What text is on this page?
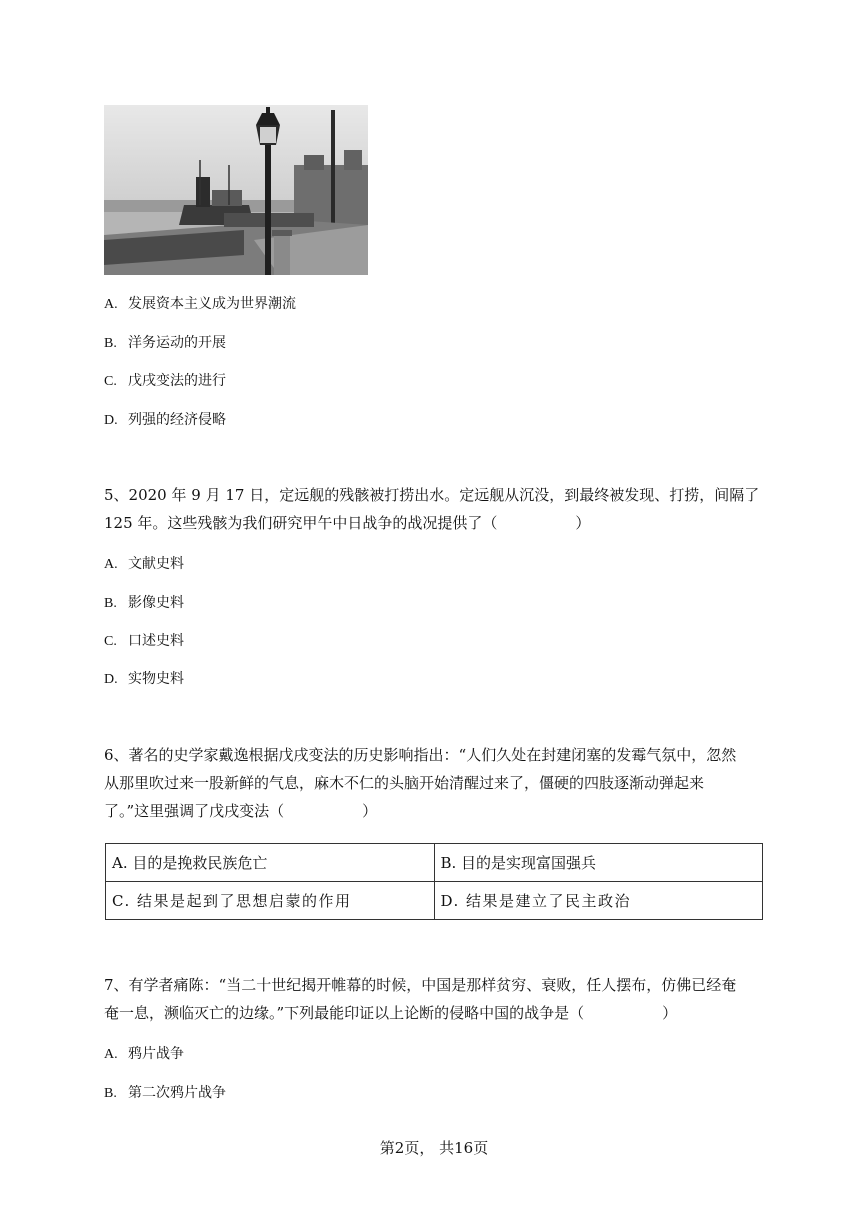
A. 发展资本主义成为世界潮流
B. 洋务运动的开展
C. 戊戌变法的进行
D. 列强的经济侵略
5、2020 年 9 月 17 日，定远舰的残骸被打捞出水。定远舰从沉没，到最终被发现、打捞，间隔了
125 年。这些残骸为我们研究甲午中日战争的战况提供了（	）
A. 文献史料
B. 影像史料
C. 口述史料
D. 实物史料
6、著名的史学家戴逸根据戊戌变法的历史影响指出：“人们久处在封建闭塞的发霉气氛中，忽然
从那里吹过来一股新鲜的气息，麻木不仁的头脑开始清醒过来了，僵硬的四肢逐渐动弹起来
了。”这里强调了戊戌变法（	）
A. 目的是挽救民族危亡	B. 目的是实现富国强兵
C. 结果是起到了思想启蒙的作用	D. 结果是建立了民主政治
7、有学者痛陈：“当二十世纪揭开帷幕的时候，中国是那样贫穷、衰败，任人摆布，仿佛已经奄
奄一息，濒临灭亡的边缘。”下列最能印证以上论断的侵略中国的战争是（	）
A. 鸦片战争
B. 第二次鸦片战争
第2页， 共16页
